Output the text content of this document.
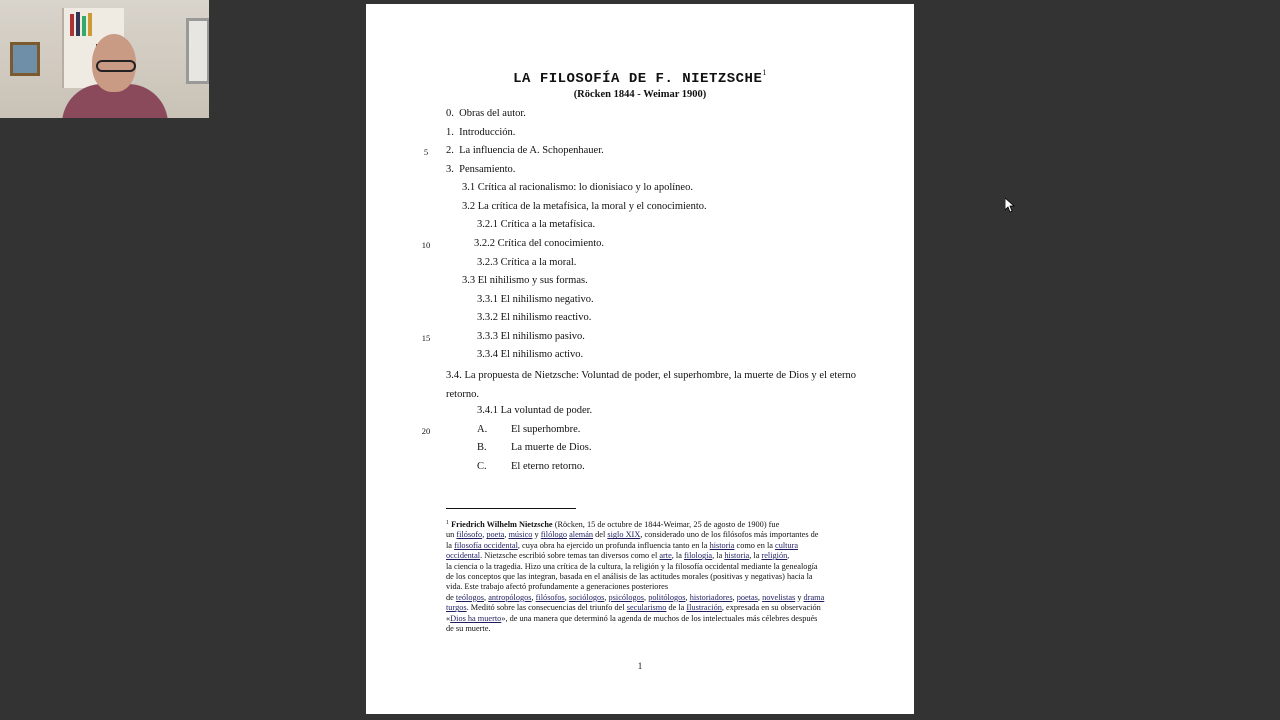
LA FILOSOFÍA DE F. NIETZSCHE$^1$
(Röcken 1844 - Weimar 1900)
0.  Obras del autor.
1.  Introducción.
2.  La influencia de A. Schopenhauer.
3.  Pensamiento.
3.1 Crítica al racionalismo: lo dionisiaco y lo apolíneo.
3.2 La crítica de la metafísica, la moral y el conocimiento.
3.2.1 Crítica a la metafísica.
3.2.2 Crítica del conocimiento.
3.2.3 Crítica a la moral.
3.3 El nihilismo y sus formas.
3.3.1 El nihilismo negativo.
3.3.2 El nihilismo reactivo.
3.3.3 El nihilismo pasivo.
3.3.4 El nihilismo activo.
3.4. La propuesta de Nietzsche: Voluntad de poder, el superhombre, la muerte de Dios y el eterno retorno.
3.4.1 La voluntad de poder.
A. El superhombre.
B. La muerte de Dios.
C. El eterno retorno.
5
10
15
20
$^1$ Friedrich Wilhelm Nietzsche (Röcken, 15 de octubre de 1844-Weimar, 25 de agosto de 1900) fue
un filósofo, poeta, músico y filólogo alemán del siglo XIX, considerado uno de los filósofos más importantes de
la filosofía occidental, cuya obra ha ejercido un profunda influencia tanto en la historia como en la cultura
occidental. Nietzsche escribió sobre temas tan diversos como el arte, la filología, la historia, la religión,
la ciencia o la tragedia. Hizo una crítica de la cultura, la religión y la filosofía occidental mediante la genealogía
de los conceptos que las integran, basada en el análisis de las actitudes morales (positivas y negativas) hacia la
vida. Este trabajo afectó profundamente a generaciones posteriores
de teólogos, antropólogos, filósofos, sociólogos, psicólogos, politólogos, historiadores, poetas, novelistas y drama
turgos. Meditó sobre las consecuencias del triunfo del secularismo de la Ilustración, expresada en su observación
«Dios ha muerto», de una manera que determinó la agenda de muchos de los intelectuales más célebres después
de su muerte.
1
